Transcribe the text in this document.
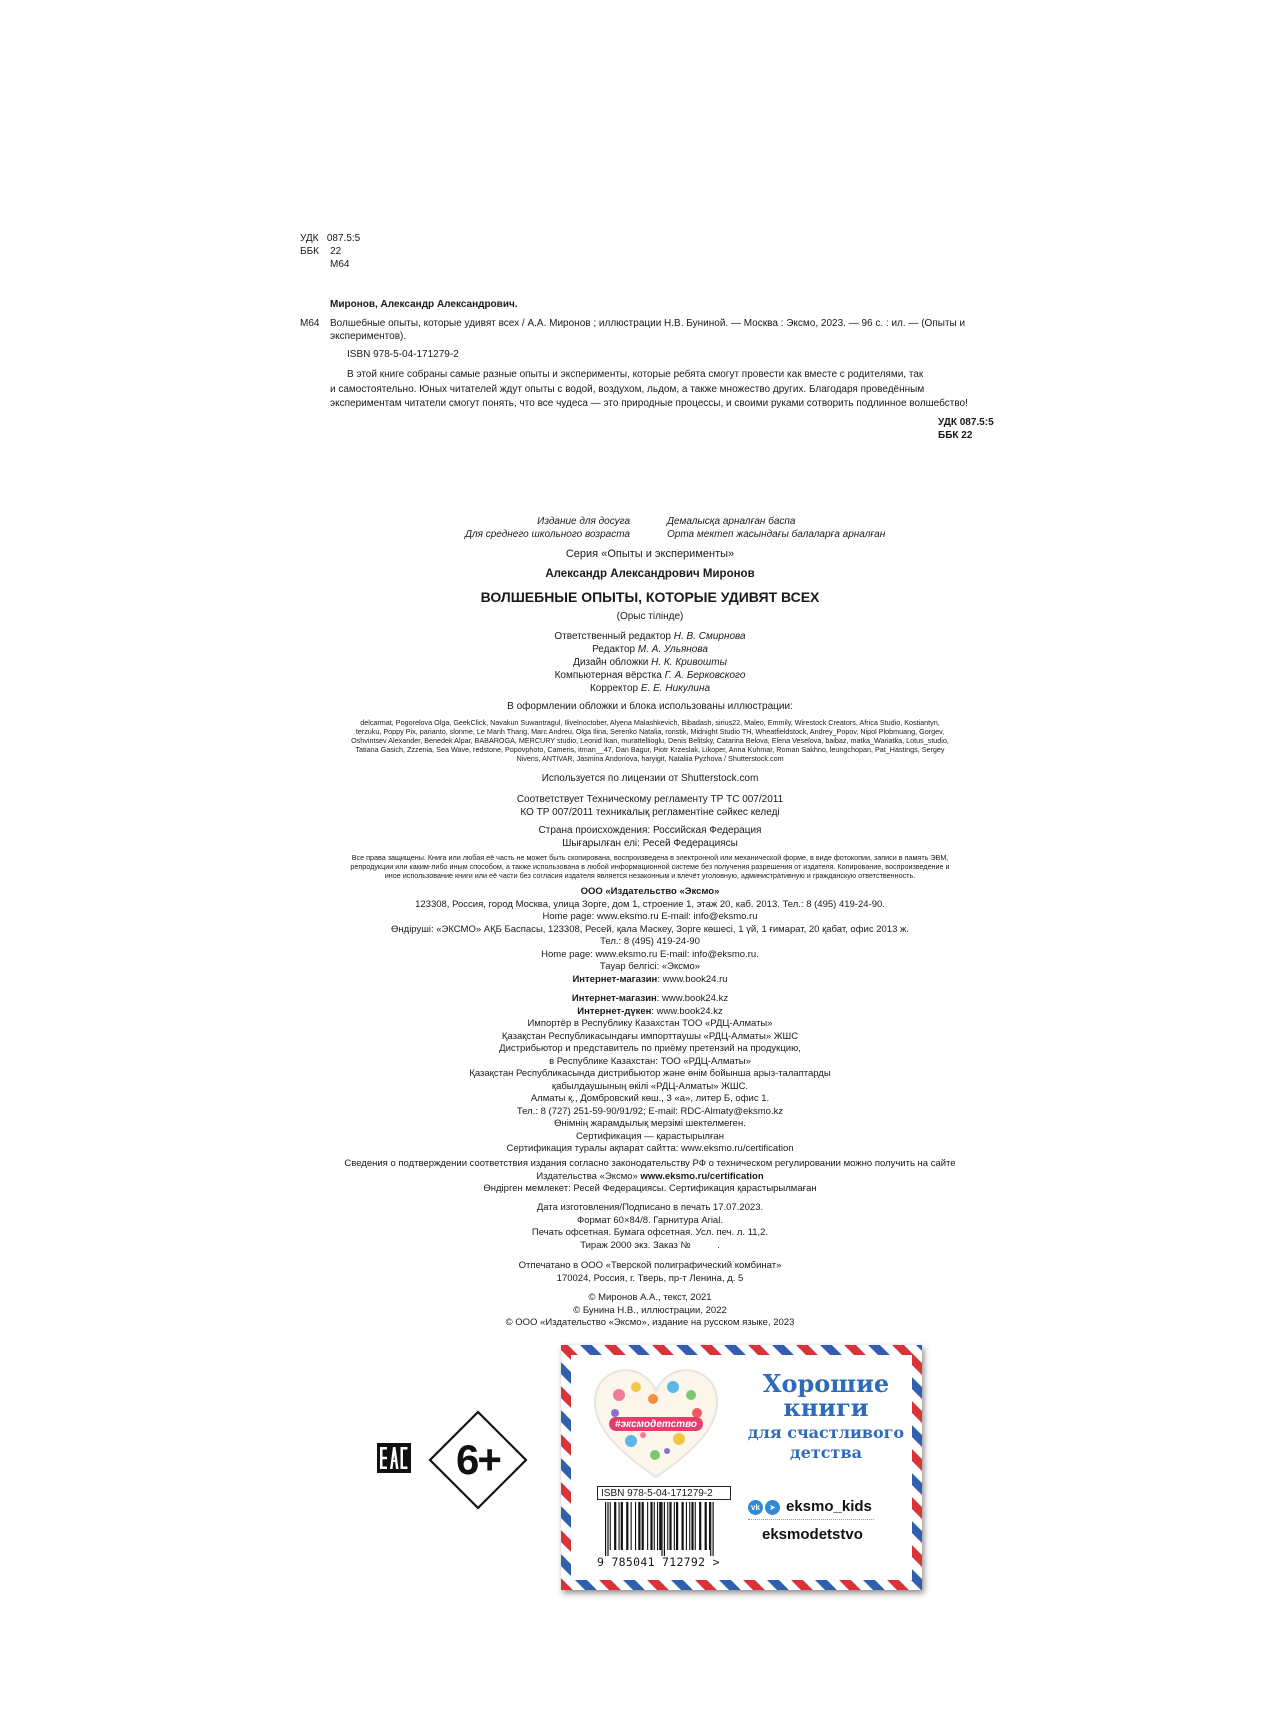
УДК 087.5:5
ББК 22
М64
Миронов, Александр Александрович.
М64 Волшебные опыты, которые удивят всех / А.А. Миронов ; иллюстрации Н.В. Буниной. — Москва : Эксмо, 2023. — 96 с. : ил. — (Опыты и
экспериментов).
ISBN 978-5-04-171279-2
В этой книге собраны самые разные опыты и эксперименты, которые ребята смогут провести как вместе с родителями, так
и самостоятельно. Юных читателей ждут опыты с водой, воздухом, льдом, а также множество других. Благодаря проведённым
экспериментам читатели смогут понять, что все чудеса — это природные процессы, и своими руками сотворить подлинное волшебство!
УДК 087.5:5
ББК 22
Издание для досуга
Для среднего школьного возраста
Демалысқа арналған баспа
Орта мектеп жасындағы балаларға арналған
Серия «Опыты и эксперименты»
Александр Александрович Миронов
ВОЛШЕБНЫЕ ОПЫТЫ, КОТОРЫЕ УДИВЯТ ВСЕХ
(Орыс тілінде)
Ответственный редактор Н. В. Смирнова
Редактор М. А. Ульянова
Дизайн обложки Н. К. Кривошты
Компьютерная вёрстка Г. А. Берковского
Корректор Е. Е. Никулина
В оформлении обложки и блока использованы иллюстрации:
delcarmat, Pogorelova Olga, GeekClick, Navakun Suwantragul, Ilivelnoctober, Alyena Malashkevich, Bibadash, sirius22, Maleo, Emmily, Wirestock Creators, Africa Studio, Kostiantyn,
terzuku, Poppy Pix, parianto, slonme, Le Manh Thang, Marc Andreu, Olga Ilina, Serenko Natalia, ronstik, Midnight Studio TH, Wheatfieldstock, Andrey_Popov, Nipol Plobmuang, Gorgev,
Oshvintsev Alexander, Benedek Alpar, BABAROGA, MERCURY studio, Leonid Ikan, murattellioglu, Denis Belitsky, Catarina Belova, Elena Veselova, baibaz, matka_Wariatka, Lotus_studio,
Tatiana Gasich, Zzzenia, Sea Wave, redstone, Popovphoto, Cameris, itman__47, Dan Bagur, Piotr Krzeslak, Likoper, Anna Kuhmar, Roman Sakhno, leungchopan, Pat_Hastings, Sergey
Nivens, ANTIVAR, Jasmina Andonova, haryigit, Nataliia Pyzhova / Shutterstock.com
Используется по лицензии от Shutterstock.com
Соответствует Техническому регламенту ТР ТС 007/2011
КО ТР 007/2011 техникалық регламентіне сәйкес келеді
Страна происхождения: Российская Федерация
Шығарылған елі: Ресей Федерациясы
Все права защищены. Книга или любая её часть не может быть скопирована, воспроизведена в электронной или механической форме, в виде фотокопии, записи в память ЭВМ,
репродукции или каким-либо иным способом, а также использована в любой информационной системе без получения разрешения от издателя. Копирование, воспроизведение и
иное использование книги или её части без согласия издателя является незаконным и влечёт уголовную, административную и гражданскую ответственность.
ООО «Издательство «Эксмо»
123308, Россия, город Москва, улица Зорге, дом 1, строение 1, этаж 20, каб. 2013. Тел.: 8 (495) 419-24-90.
Home page: www.eksmo.ru E-mail: info@eksmo.ru
Өндіруші: «ЭКСМО» АҚБ Баспасы, 123308, Ресей, қала Мәскеу, Зорге көшесі, 1 үй, 1 ғимарат, 20 қабат, офис 2013 ж.
Тел.: 8 (495) 419-24-90
Home page: www.eksmo.ru E-mail: info@eksmo.ru.
Тауар белгісі: «Эксмо»
Интернет-магазин: www.book24.ru
Интернет-магазин: www.book24.kz
Интернет-дүкен: www.book24.kz
Импортёр в Республику Казахстан ТОО «РДЦ-Алматы»
Қазақстан Республикасындағы импорттаушы «РДЦ-Алматы» ЖШС
Дистрибьютор и представитель по приёму претензий на продукцию,
в Республике Казахстан: ТОО «РДЦ-Алматы»
Қазақстан Республикасында дистрибьютор және өнім бойынша арыз-талаптарды
қабылдаушының өкілі «РДЦ-Алматы» ЖШС.
Алматы қ., Домбровский көш., 3 «а», литер Б, офис 1.
Тел.: 8 (727) 251-59-90/91/92; E-mail: RDC-Almaty@eksmo.kz
Өнімнің жарамдылық мерзімі шектелмеген.
Сертификация — қарастырылған
Сертификация туралы ақпарат сайтта: www.eksmo.ru/certification
Сведения о подтверждении соответствия издания согласно законодательству РФ о техническом регулировании можно получить на сайте
Издательства «Эксмо» www.eksmo.ru/certification
Өндірген мемлекет: Ресей Федерациясы. Сертификация қарастырылмаған
Дата изготовления/Подписано в печать 17.07.2023.
Формат 60×84/8. Гарнитура Arial.
Печать офсетная. Бумага офсетная. Усл. печ. л. 11,2.
Тираж 2000 экз. Заказ №          .
Отпечатано в ООО «Тверской полиграфический комбинат»
170024, Россия, г. Тверь, пр-т Ленина, д. 5
© Миронов А.А., текст, 2021
© Бунина Н.В., иллюстрации, 2022
© ООО «Издательство «Эксмо», издание на русском языке, 2023
6+
#эксмодетство
Хорошие
книги
для счастливого
детства
ISBN 978-5-04-171279-2
9 785041 712792 >
vk	➤ eksmo_kids
eksmodetstvo
